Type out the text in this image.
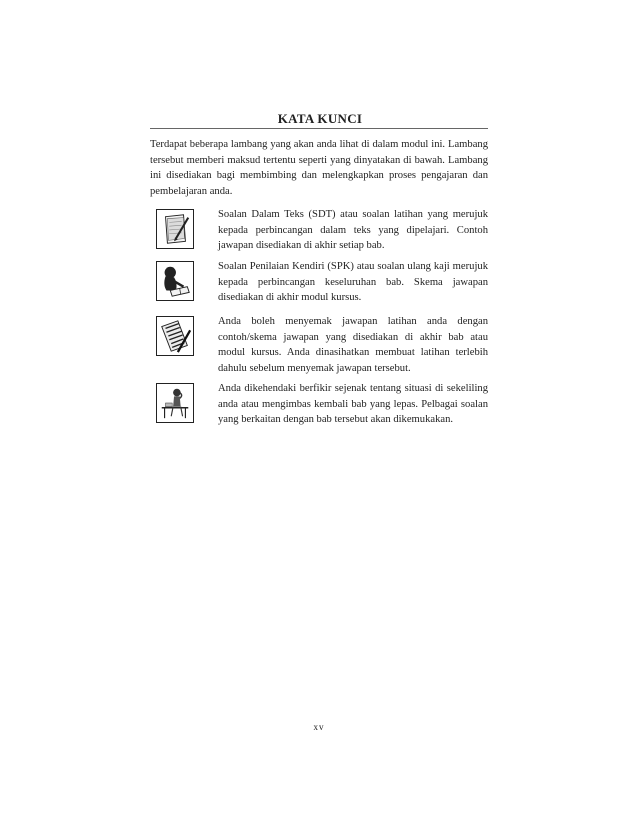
KATA KUNCI

Terdapat beberapa lambang yang akan anda lihat di dalam modul ini. Lambang tersebut memberi maksud tertentu seperti yang dinyatakan di bawah. Lambang ini disediakan bagi membimbing dan melengkapkan proses pengajaran dan pembelajaran anda.

Soalan Dalam Teks (SDT) atau soalan latihan yang merujuk kepada perbincangan dalam teks yang dipelajari. Contoh jawapan disediakan di akhir setiap bab.

Soalan Penilaian Kendiri (SPK) atau soalan ulang kaji merujuk kepada perbincangan keseluruhan bab. Skema jawapan disediakan di akhir modul kursus.

Anda boleh menyemak jawapan latihan anda dengan contoh/skema jawapan yang disediakan di akhir bab atau modul kursus. Anda dinasihatkan membuat latihan terlebih dahulu sebelum menyemak jawapan tersebut.

Anda dikehendaki berfikir sejenak tentang situasi di sekeliling anda atau mengimbas kembali bab yang lepas. Pelbagai soalan yang berkaitan dengan bab tersebut akan dikemukakan.

xv
